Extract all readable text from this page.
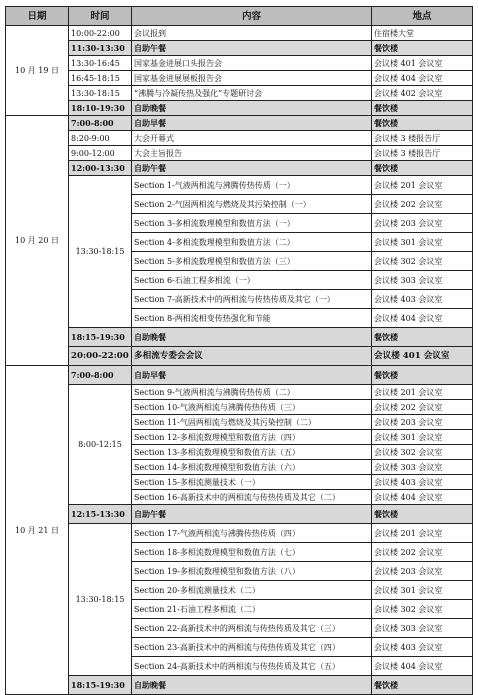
日期	时间	内容	地点
10 月 19 日	10:00-22:00	会议报到	住宿楼大堂
	11:30-13:30	自助午餐	餐饮楼
	13:30-16:45	国家基金进展口头报告会	会议楼 401 会议室
	16:45-18:15	国家基金进展展板报告会	会议楼 404 会议室
	13:30-18:15	“沸腾与冷凝传热及强化”专题研讨会	会议楼 402 会议室
	18:10-19:30	自助晚餐	餐饮楼
10 月 20 日	7:00-8:00	自助早餐	餐饮楼
	8:20-9:00	大会开幕式	会议楼 3 楼报告厅
	9:00-12:00	大会主旨报告	会议楼 3 楼报告厅
	12:00-13:30	自助午餐	餐饮楼
	13:30-18:15	Section 1-气液两相流与沸腾传热传质（一）	会议楼 201 会议室
		Section 2-气固两相流与燃烧及其污染控制（一）	会议楼 202 会议室
		Section 3-多相流数理模型和数值方法（一）	会议楼 203 会议室
		Section 4-多相流数理模型和数值方法（二）	会议楼 301 会议室
		Section 5-多相流数理模型和数值方法（三）	会议楼 302 会议室
		Section 6-石油工程多相流（一）	会议楼 303 会议室
		Section 7-高新技术中的两相流与传热传质及其它（一）	会议楼 403 会议室
		Section 8-两相流相变传热强化和节能	会议楼 404 会议室
	18:15-19:30	自助晚餐	餐饮楼
	20:00-22:00	多相流专委会会议	会议楼 401 会议室
10 月 21 日	7:00-8:00	自助早餐	餐饮楼
	8:00-12:15	Section 9-气液两相流与沸腾传热传质（二）	会议楼 201 会议室
		Section 10-气液两相流与沸腾传热传质（三）	会议楼 202 会议室
		Section 11-气固两相流与燃烧及其污染控制（二）	会议楼 203 会议室
		Section 12-多相流数理模型和数值方法（四）	会议楼 301 会议室
		Section 13-多相流数理模型和数值方法（五）	会议楼 302 会议室
		Section 14-多相流数理模型和数值方法（六）	会议楼 303 会议室
		Section 15-多相流测量技术（一）	会议楼 403 会议室
		Section 16-高新技术中的两相流与传热传质及其它（二）	会议楼 404 会议室
	12:15-13:30	自助午餐	餐饮楼
	13:30-18:15	Section 17-气液两相流与沸腾传热传质（四）	会议楼 201 会议室
		Section 18-多相流数理模型和数值方法（七）	会议楼 202 会议室
		Section 19-多相流数理模型和数值方法（八）	会议楼 203 会议室
		Section 20-多相流测量技术（二）	会议楼 301 会议室
		Section 21-石油工程多相流（二）	会议楼 302 会议室
		Section 22-高新技术中的两相流与传热传质及其它（三）	会议楼 303 会议室
		Section 23-高新技术中的两相流与传热传质及其它（四）	会议楼 403 会议室
		Section 24-高新技术中的两相流与传热传质及其它（五）	会议楼 404 会议室
	18:15-19:30	自助晚餐	餐饮楼
